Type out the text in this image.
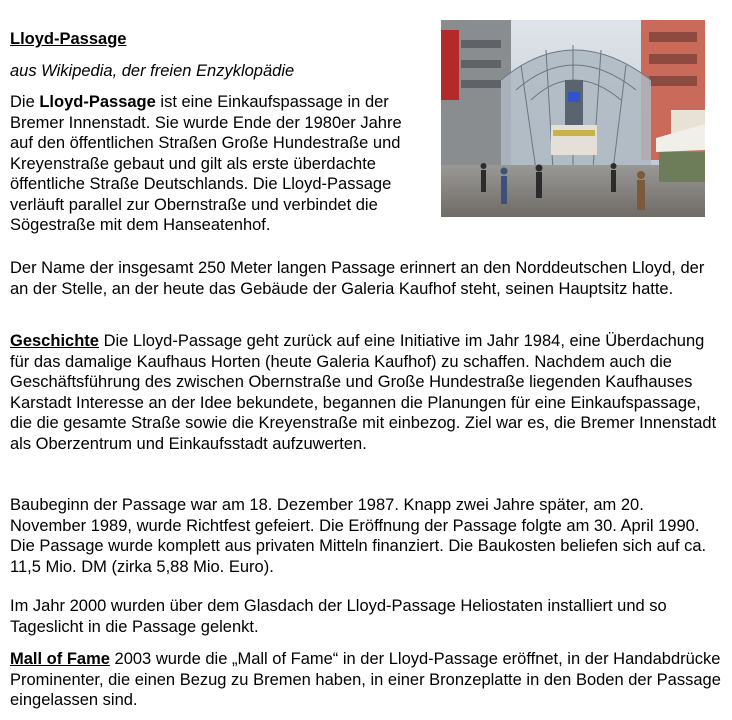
Lloyd-Passage
aus Wikipedia, der freien Enzyklopädie

Die Lloyd-Passage ist eine Einkaufspassage in der Bremer Innenstadt. Sie wurde Ende der 1980er Jahre auf den öffentlichen Straßen Große Hundestraße und Kreyenstraße gebaut und gilt als erste überdachte öffentliche Straße Deutschlands. Die Lloyd-Passage verläuft parallel zur Obernstraße und verbindet die Sögestraße mit dem Hanseatenhof.

Der Name der insgesamt 250 Meter langen Passage erinnert an den Norddeutschen Lloyd, der an der Stelle, an der heute das Gebäude der Galeria Kaufhof steht, seinen Hauptsitz hatte.

Geschichte Die Lloyd-Passage geht zurück auf eine Initiative im Jahr 1984, eine Überdachung für das damalige Kaufhaus Horten (heute Galeria Kaufhof) zu schaffen. Nachdem auch die Geschäftsführung des zwischen Obernstraße und Große Hundestraße liegenden Kaufhauses Karstadt Interesse an der Idee bekundete, begannen die Planungen für eine Einkaufspassage, die die gesamte Straße sowie die Kreyenstraße mit einbezog. Ziel war es, die Bremer Innenstadt als Oberzentrum und Einkaufsstadt aufzuwerten.

Baubeginn der Passage war am 18. Dezember 1987. Knapp zwei Jahre später, am 20. November 1989, wurde Richtfest gefeiert. Die Eröffnung der Passage folgte am 30. April 1990. Die Passage wurde komplett aus privaten Mitteln finanziert. Die Baukosten beliefen sich auf ca. 11,5 Mio. DM (zirka 5,88 Mio. Euro).

Im Jahr 2000 wurden über dem Glasdach der Lloyd-Passage Heliostaten installiert und so Tageslicht in die Passage gelenkt.

Mall of Fame 2003 wurde die „Mall of Fame“ in der Lloyd-Passage eröffnet, in der Handabdrücke Prominenter, die einen Bezug zu Bremen haben, in einer Bronzeplatte in den Boden der Passage eingelassen sind.
